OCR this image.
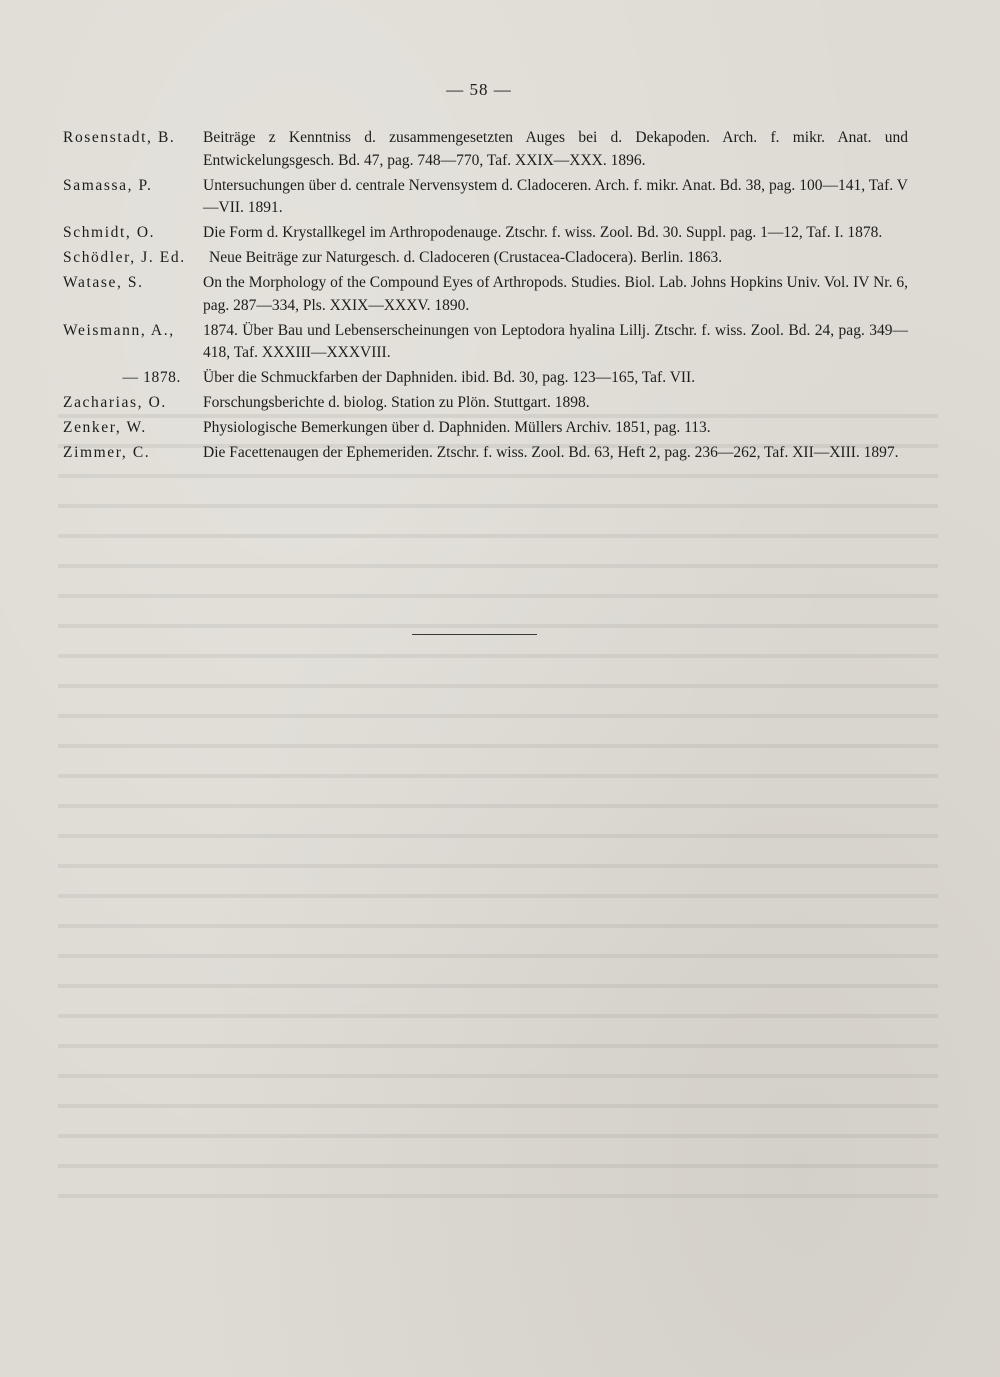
— 58 —
Rosenstadt, B.	Beiträge z Kenntniss d. zusammengesetzten Auges bei d. Dekapoden. Arch. f. mikr. Anat. und Entwickelungsgesch. Bd. 47, pag. 748—770, Taf. XXIX—XXX. 1896.
Samassa, P.	Untersuchungen über d. centrale Nervensystem d. Cladoceren. Arch. f. mikr. Anat. Bd. 38, pag. 100—141, Taf. V—VII. 1891.
Schmidt, O.	Die Form d. Krystallkegel im Arthropodenauge. Ztschr. f. wiss. Zool. Bd. 30. Suppl. pag. 1—12, Taf. I. 1878.
Schödler, J. Ed.	Neue Beiträge zur Naturgesch. d. Cladoceren (Crustacea-Cladocera). Berlin. 1863.
Watase, S.	On the Morphology of the Compound Eyes of Arthropods. Studies. Biol. Lab. Johns Hopkins Univ. Vol. IV Nr. 6, pag. 287—334, Pls. XXIX—XXXV. 1890.
Weismann, A.,	1874. Über Bau und Lebenserscheinungen von Leptodora hyalina Lillj. Ztschr. f. wiss. Zool. Bd. 24, pag. 349—418, Taf. XXXIII—XXXVIII.
— 1878.	Über die Schmuckfarben der Daphniden. ibid. Bd. 30, pag. 123—165, Taf. VII.
Zacharias, O.	Forschungsberichte d. biolog. Station zu Plön. Stuttgart. 1898.
Zenker, W.	Physiologische Bemerkungen über d. Daphniden. Müllers Archiv. 1851, pag. 113.
Zimmer, C.	Die Facettenaugen der Ephemeriden. Ztschr. f. wiss. Zool. Bd. 63, Heft 2, pag. 236—262, Taf. XII—XIII. 1897.
